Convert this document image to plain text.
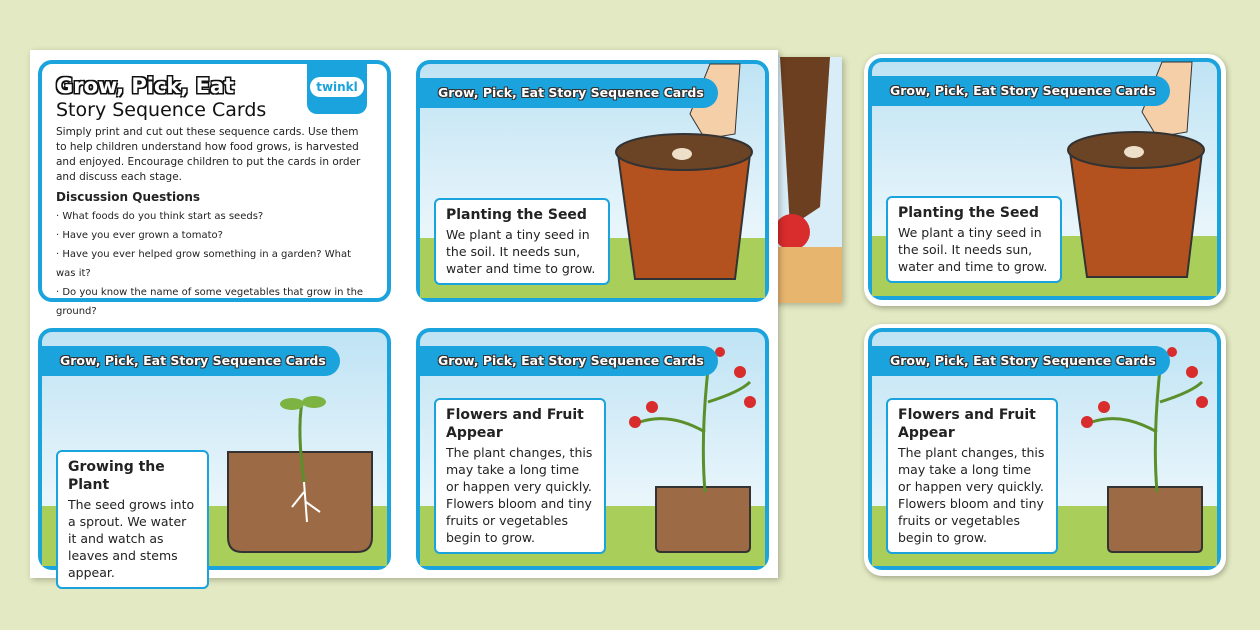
twinkl
Grow, Pick, Eat
Story Sequence Cards

Simply print and cut out these sequence cards. Use them to help children understand how food grows, is harvested and enjoyed. Encourage children to put the cards in order and discuss each stage.

Discussion Questions
· What foods do you think start as seeds?
· Have you ever grown a tomato?
· Have you ever helped grow something in a garden? What was it?
· Do you know the name of some vegetables that grow in the ground?
Grow, Pick, Eat Story Sequence Cards
Planting the Seed
We plant a tiny seed in the soil. It needs sun, water and time to grow.
Grow, Pick, Eat Story Sequence Cards
Growing the Plant
The seed grows into a sprout. We water it and watch as leaves and stems appear.
Grow, Pick, Eat Story Sequence Cards
Flowers and Fruit Appear
The plant changes, this may take a long time or happen very quickly. Flowers bloom and tiny fruits or vegetables begin to grow.
Grow, Pick, Eat Story Sequence Cards
Planting the Seed
We plant a tiny seed in the soil. It needs sun, water and time to grow.
Grow, Pick, Eat Story Sequence Cards
Flowers and Fruit Appear
The plant changes, this may take a long time or happen very quickly. Flowers bloom and tiny fruits or vegetables begin to grow.
